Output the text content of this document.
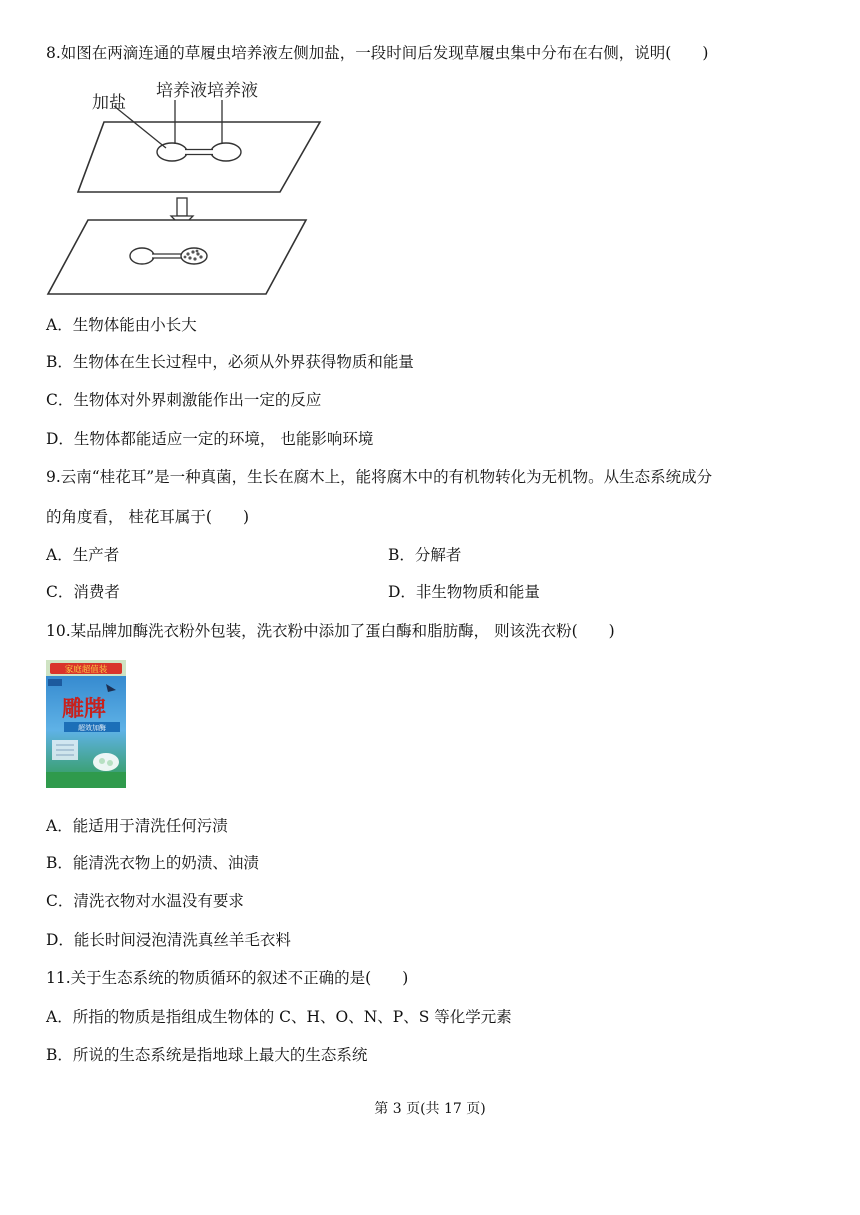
8.如图在两滴连通的草履虫培养液左侧加盐，一段时间后发现草履虫集中分布在右侧，说明(　　)
加盐
培养液 培养液
A．生物体能由小长大
B．生物体在生长过程中，必须从外界获得物质和能量
C．生物体对外界刺激能作出一定的反应
D．生物体都能适应一定的环境， 也能影响环境
9.云南“桂花耳”是一种真菌，生长在腐木上，能将腐木中的有机物转化为无机物。从生态系统成分
的角度看， 桂花耳属于(　　)
A．生产者	B．分解者
C．消费者	D．非生物物质和能量
10.某品牌加酶洗衣粉外包装，洗衣粉中添加了蛋白酶和脂肪酶， 则该洗衣粉(　　)
家庭超值装
雕牌
超效加酶
A．能适用于清洗任何污渍
B．能清洗衣物上的奶渍、油渍
C．清洗衣物对水温没有要求
D．能长时间浸泡清洗真丝羊毛衣料
11.关于生态系统的物质循环的叙述不正确的是(　　)
A．所指的物质是指组成生物体的 C、H、O、N、P、S 等化学元素
B．所说的生态系统是指地球上最大的生态系统
第 3 页(共 17 页)
